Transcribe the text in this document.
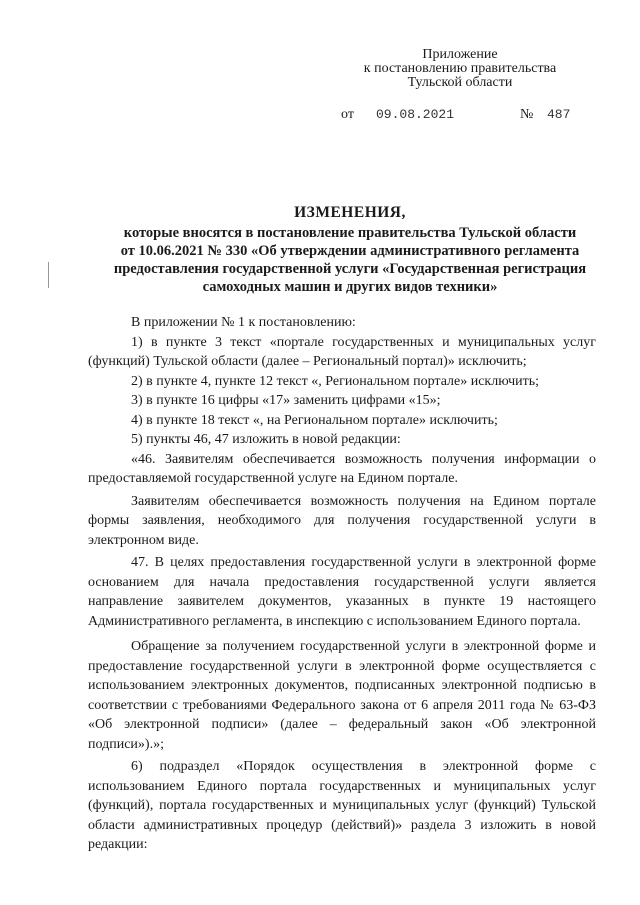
Приложение
к постановлению правительства
Тульской области
от 09.08.2021	№ 487
ИЗМЕНЕНИЯ,
которые вносятся в постановление правительства Тульской области
от 10.06.2021 № 330 «Об утверждении административного регламента
предоставления государственной услуги «Государственная регистрация
самоходных машин и других видов техники»

В приложении № 1 к постановлению:

1) в пункте 3 текст «портале государственных и муниципальных услуг (функций) Тульской области (далее – Региональный портал)» исключить;

2) в пункте 4, пункте 12 текст «, Региональном портале» исключить;

3) в пункте 16 цифры «17» заменить цифрами «15»;

4) в пункте 18 текст «, на Региональном портале» исключить;

5) пункты 46, 47 изложить в новой редакции:

«46. Заявителям обеспечивается возможность получения информации о предоставляемой государственной услуге на Едином портале.

Заявителям обеспечивается возможность получения на Едином портале формы заявления, необходимого для получения государственной услуги в электронном виде.

47. В целях предоставления государственной услуги в электронной форме основанием для начала предоставления государственной услуги является направление заявителем документов, указанных в пункте 19 настоящего Административного регламента, в инспекцию с использованием Единого портала.

Обращение за получением государственной услуги в электронной форме и предоставление государственной услуги в электронной форме осуществляется с использованием электронных документов, подписанных электронной подписью в соответствии с требованиями Федерального закона от 6 апреля 2011 года № 63-ФЗ «Об электронной подписи» (далее – федеральный закон «Об электронной подписи»).»;

6) подраздел «Порядок осуществления в электронной форме с использованием Единого портала государственных и муниципальных услуг (функций), портала государственных и муниципальных услуг (функций) Тульской области административных процедур (действий)» раздела 3 изложить в новой редакции:
